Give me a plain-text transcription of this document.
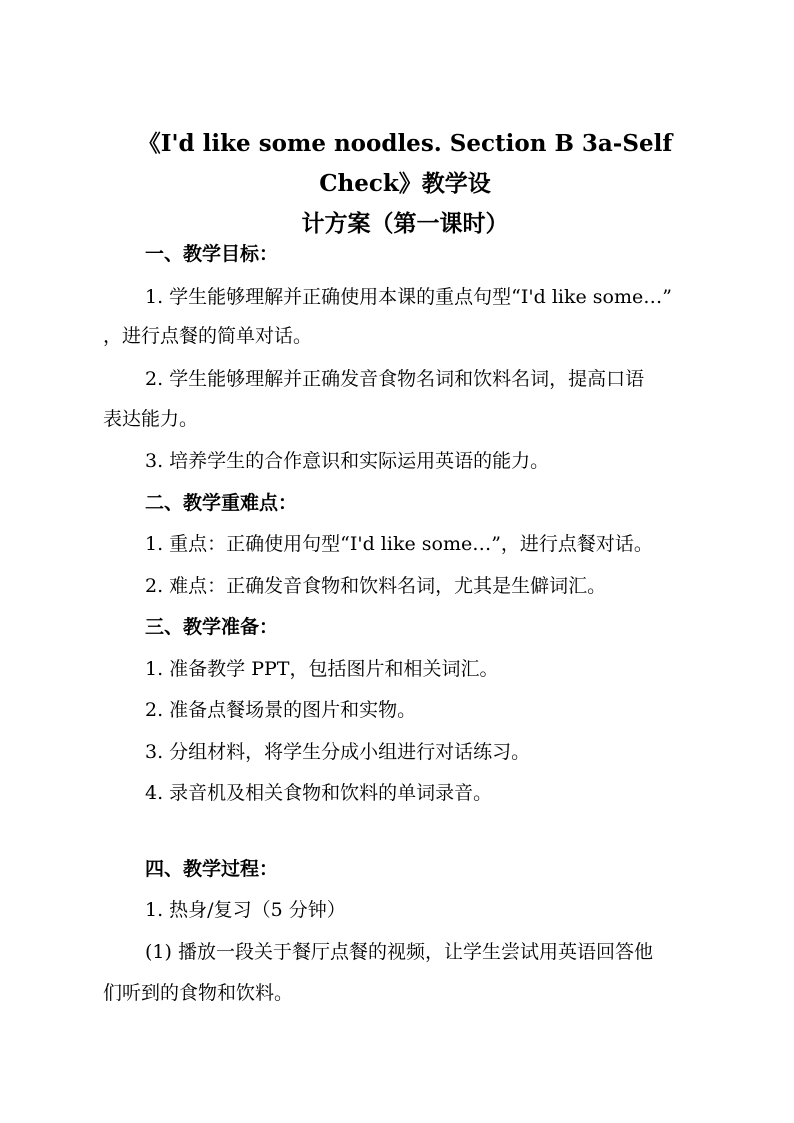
《I'd like some noodles. Section B 3a-Self Check》教学设
计方案（第一课时）
一、教学目标：
1. 学生能够理解并正确使用本课的重点句型“I'd like some…”
，进行点餐的简单对话。
2. 学生能够理解并正确发音食物名词和饮料名词，提高口语
表达能力。
3. 培养学生的合作意识和实际运用英语的能力。
二、教学重难点：
1. 重点：正确使用句型“I'd like some…”，进行点餐对话。
2. 难点：正确发音食物和饮料名词，尤其是生僻词汇。
三、教学准备：
1. 准备教学 PPT，包括图片和相关词汇。
2. 准备点餐场景的图片和实物。
3. 分组材料，将学生分成小组进行对话练习。
4. 录音机及相关食物和饮料的单词录音。
四、教学过程：
1. 热身/复习（5 分钟）
(1) 播放一段关于餐厅点餐的视频，让学生尝试用英语回答他
们听到的食物和饮料。
